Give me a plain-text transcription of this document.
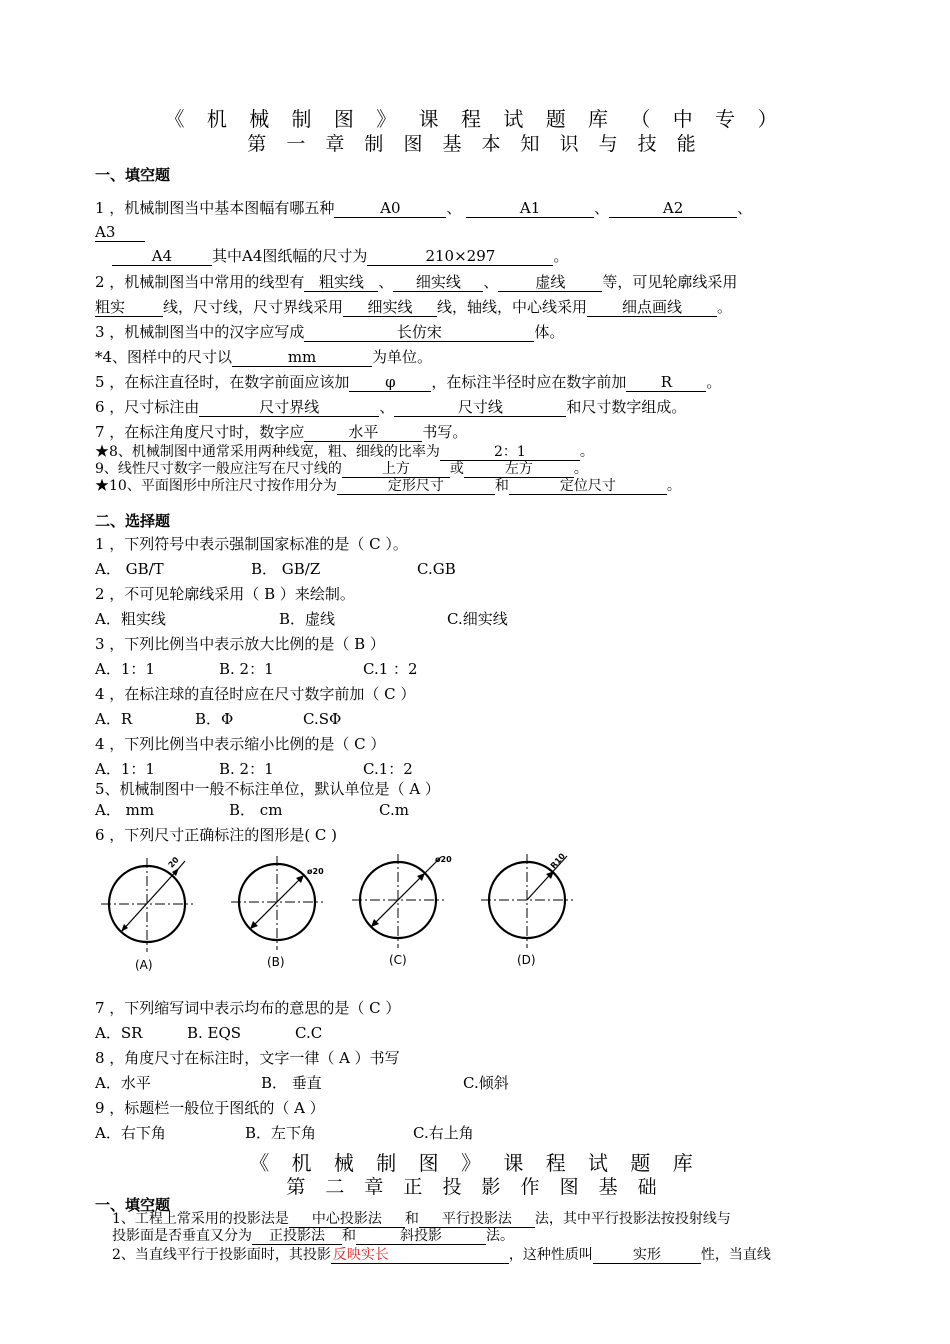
《 机 械 制 图 》 课 程 试 题 库 （ 中 专 ）
第 一 章 制 图 基 本 知 识 与 技 能
一、填空题
1 ，机械制图当中基本图幅有哪五种	A0	、	A1	、	A2	、
A3
A4	其中A4图纸幅的尺寸为	210×297	。
2 ，机械制图当中常用的线型有 粗实线 、 细实线 、 虚线 等，可见轮廓线采用
粗实	线，尺寸线，尺寸界线采用 细实线 线，轴线，中心线采用 细点画线 。
3 ，机械制图当中的汉字应写成	长仿宋	体。
*4、图样中的尺寸以	mm	为单位。
5 ，在标注直径时，在数字前面应该加 φ ，在标注半径时应在数字前加 R 。
6 ，尺寸标注由	尺寸界线	、	尺寸线	和尺寸数字组成。
7 ，在标注角度尺寸时，数字应	水平	书写。
★8、机械制图中通常采用两种线宽，粗、细线的比率为	2：1	。
9、线性尺寸数字一般应注写在尺寸线的	上方	或	左方	。
★10、平面图形中所注尺寸按作用分为	定形尺寸	和	定位尺寸	。
二、选择题
1 ，下列符号中表示强制国家标准的是（ C ）。
A． GB/T	B． GB/Z	C.GB
2 ，不可见轮廓线采用（ B ）来绘制。
A．粗实线	B．虚线	C.细实线
3 ，下列比例当中表示放大比例的是（ B ）
A．1：1	B. 2：1	C.1 ：2
4 ，在标注球的直径时应在尺寸数字前加（ C ）
A．R	B．Φ	C.SΦ
4 ，下列比例当中表示缩小比例的是（ C ）
A．1：1	B. 2：1	C.1：2
5、机械制图中一般不标注单位，默认单位是（ A ）
A． mm	B． cm	C.m
6 ，下列尺寸正确标注的图形是( C )
20
(A)
ø20
(B)
ø20
(C)
R10
(D)
7 ，下列缩写词中表示均布的意思的是（ C ）
A．SR	B. EQS	C.C
8 ，角度尺寸在标注时，文字一律（ A ）书写
A．水平	B． 垂直	C.倾斜
9 ，标题栏一般位于图纸的（ A ）
A．右下角	B．左下角	C.右上角
《 机 械 制 图 》 课 程 试 题 库
第 二 章 正 投 影 作 图 基 础
一、填空题
1、工程上常采用的投影法是 中心投影法 和 平行投影法 法，其中平行投影法按投射线与
投影面是否垂直又分为 正投影法 和	斜投影	法。
2、当直线平行于投影面时，其投影 反映实长	，这种性质叫	实形	性，当直线
